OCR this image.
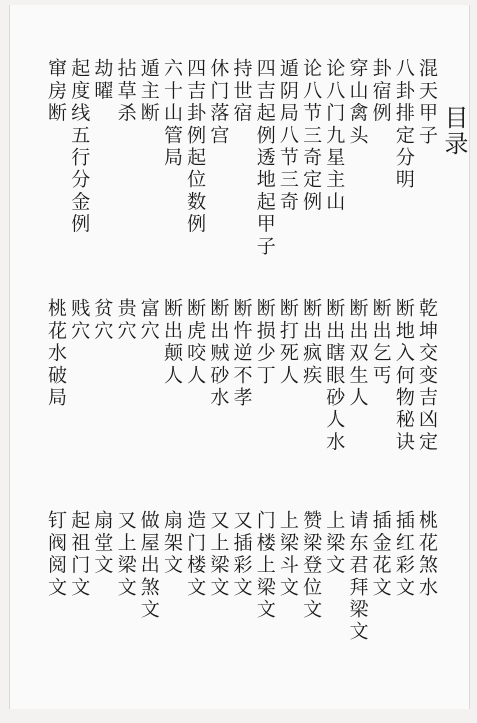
目录
混天甲子
八卦排定分明
卦宿例
穿山禽头
论八门九星主山
论八节三奇定例
遁阴局八节三奇
四吉起例透地起甲子
持世宿
休门落宫
四吉卦例起位数例
六十山管局
遁主断
拈草杀
劫曜
起度线五行分金例
窜房断
乾坤交变吉凶定
断地入何物秘诀
断出乞丐
断出双生人
断出瞎眼砂人水
断出疯疾
断打死人
断损少丁
断忤逆不孝
断出贼砂水
断虎咬人
断出颠人
富穴
贵穴
贫穴
贱穴
桃花水破局
桃花煞水
插红彩文
插金花文
请东君拜梁文
上梁文
赞梁登位文
上梁斗文
门楼上梁文
又插彩文
又上梁文
造门楼文
扇架文
做屋出煞文
又上梁文
扇堂文
起祖门文
钉阀阅文
